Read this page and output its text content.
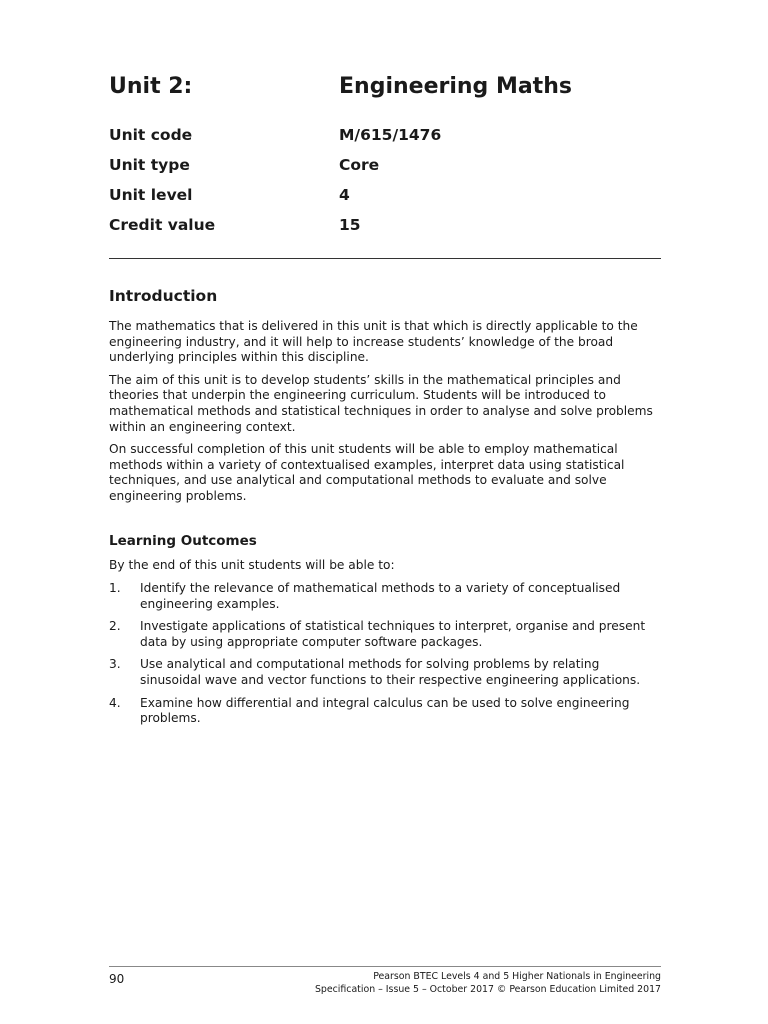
Unit 2:	Engineering Maths
Unit code	M/615/1476
Unit type	Core
Unit level	4
Credit value	15
Introduction

The mathematics that is delivered in this unit is that which is directly applicable to the engineering industry, and it will help to increase students’ knowledge of the broad underlying principles within this discipline.

The aim of this unit is to develop students’ skills in the mathematical principles and theories that underpin the engineering curriculum. Students will be introduced to mathematical methods and statistical techniques in order to analyse and solve problems within an engineering context.

On successful completion of this unit students will be able to employ mathematical methods within a variety of contextualised examples, interpret data using statistical techniques, and use analytical and computational methods to evaluate and solve engineering problems.

Learning Outcomes

By the end of this unit students will be able to:

1. Identify the relevance of mathematical methods to a variety of conceptualised engineering examples.
2. Investigate applications of statistical techniques to interpret, organise and present data by using appropriate computer software packages.
3. Use analytical and computational methods for solving problems by relating sinusoidal wave and vector functions to their respective engineering applications.
4. Examine how differential and integral calculus can be used to solve engineering problems.
90	Pearson BTEC Levels 4 and 5 Higher Nationals in Engineering
Specification – Issue 5 – October 2017 © Pearson Education Limited 2017
